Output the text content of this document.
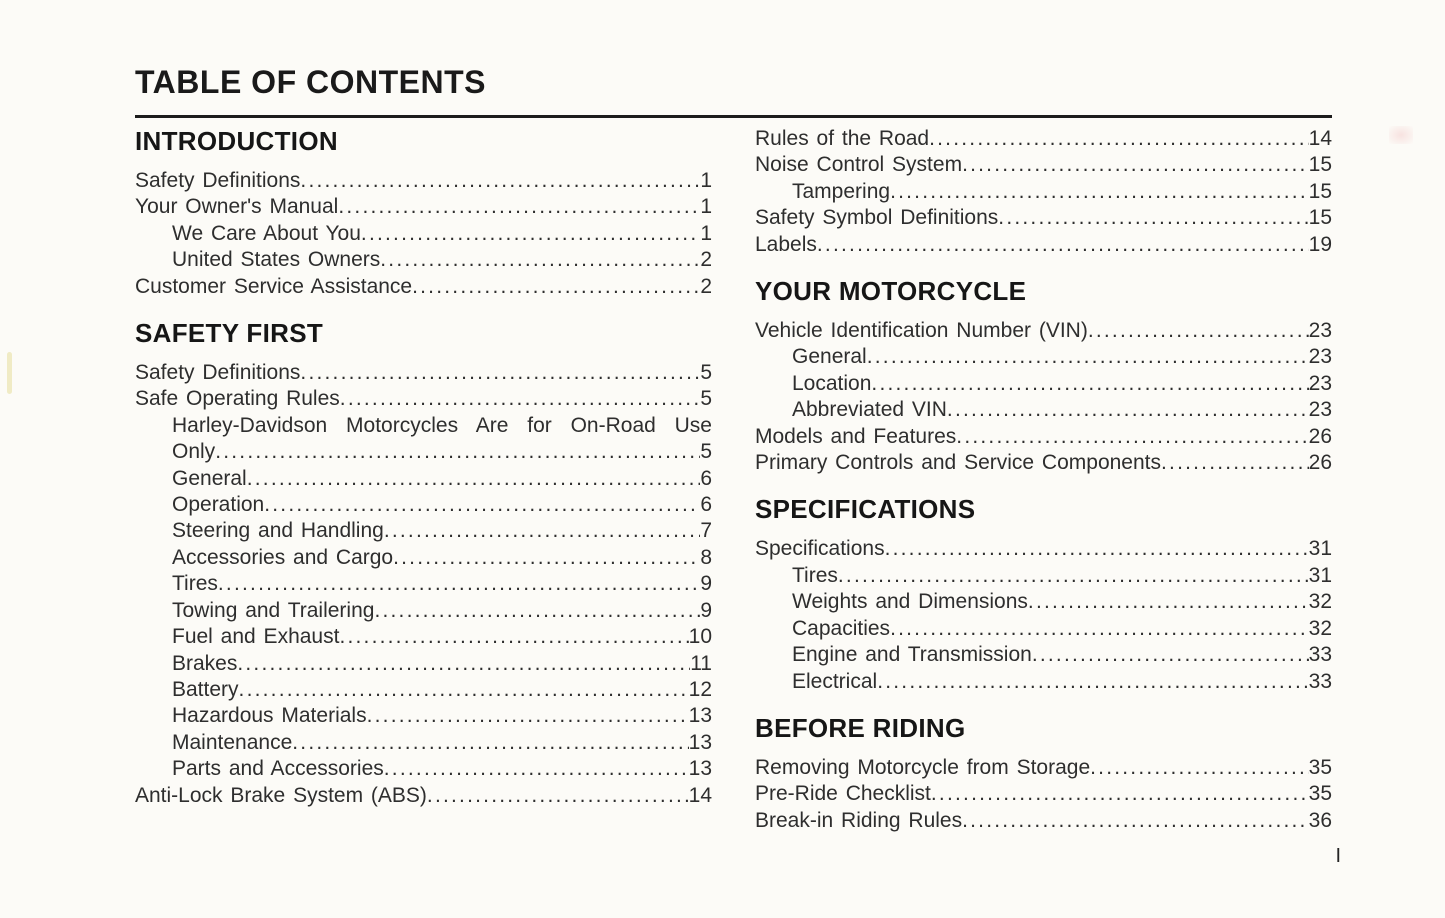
TABLE OF CONTENTS
INTRODUCTION
Safety Definitions .....	1
Your Owner's Manual .....	1
We Care About You .....	1
United States Owners .....	2
Customer Service Assistance .....	2
SAFETY FIRST
Safety Definitions .....	5
Safe Operating Rules .....	5
Harley-Davidson Motorcycles Are for On-Road Use
Only .....	5
General .....	6
Operation .....	6
Steering and Handling .....	7
Accessories and Cargo .....	8
Tires .....	9
Towing and Trailering .....	9
Fuel and Exhaust .....	10
Brakes .....	11
Battery .....	12
Hazardous Materials .....	13
Maintenance .....	13
Parts and Accessories .....	13
Anti-Lock Brake System (ABS) .....	14
Rules of the Road .....	14
Noise Control System .....	15
Tampering .....	15
Safety Symbol Definitions .....	15
Labels .....	19
YOUR MOTORCYCLE
Vehicle Identification Number (VIN) .....	23
General .....	23
Location .....	23
Abbreviated VIN .....	23
Models and Features .....	26
Primary Controls and Service Components .....	26
SPECIFICATIONS
Specifications .....	31
Tires .....	31
Weights and Dimensions .....	32
Capacities .....	32
Engine and Transmission .....	33
Electrical .....	33
BEFORE RIDING
Removing Motorcycle from Storage .....	35
Pre-Ride Checklist .....	35
Break-in Riding Rules .....	36
I
